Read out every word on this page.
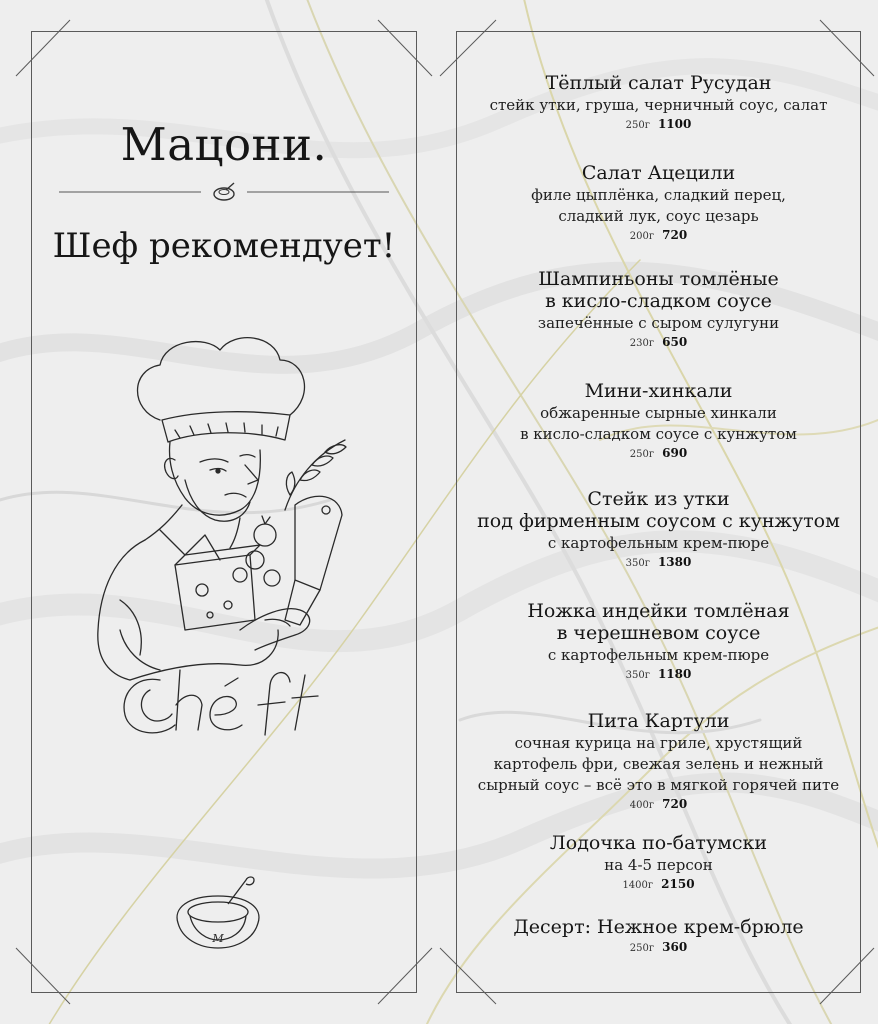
Мацони.
Шеф рекомендует!
М
Тёплый салат Русудан
стейк утки, груша, черничный соус, салат
250г 1100
Салат Ацецили
филе цыплёнка, сладкий перец,
сладкий лук, соус цезарь
200г 720
Шампиньоны томлёные
в кисло-сладком соусе
запечённые с сыром сулугуни
230г 650
Мини-хинкали
обжаренные сырные хинкали
в кисло-сладком соусе с кунжутом
250г 690
Стейк из утки
под фирменным соусом с кунжутом
с картофельным крем-пюре
350г 1380
Ножка индейки томлёная
в черешневом соусе
с картофельным крем-пюре
350г 1180
Пита Картули
сочная курица на гриле, хрустящий
картофель фри, свежая зелень и нежный
сырный соус – всё это в мягкой горячей пите
400г 720
Лодочка по-батумски
на 4-5 персон
1400г 2150
Десерт: Нежное крем-брюле
250г 360
